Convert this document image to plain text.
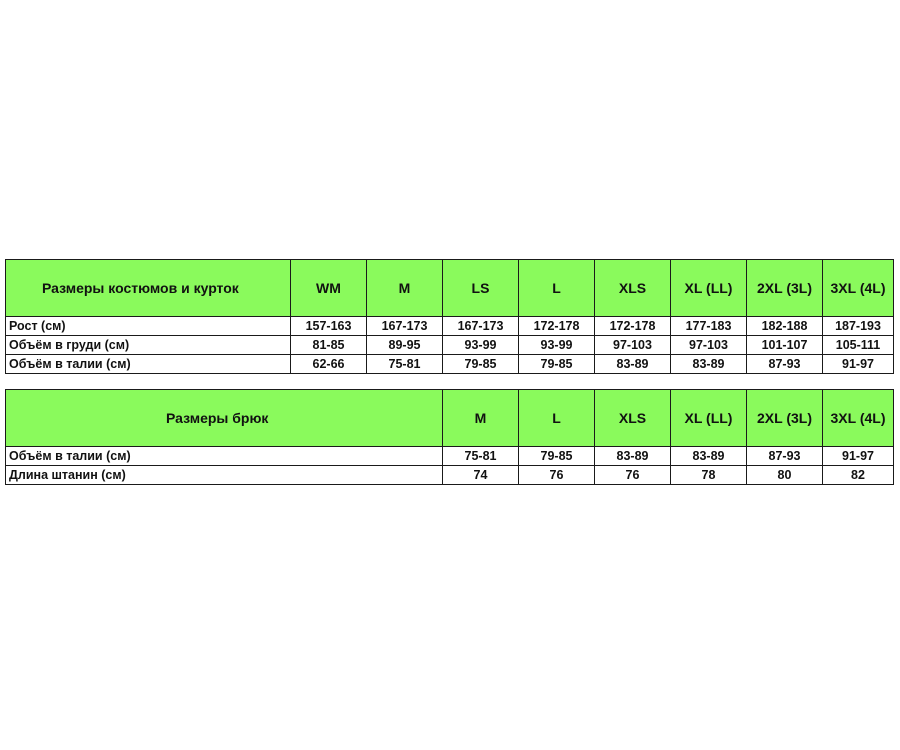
Размеры костюмов и курток	WM	M	LS	L	XLS	XL (LL)	2XL (3L)	3XL (4L)
Рост (см)	157-163	167-173	167-173	172-178	172-178	177-183	182-188	187-193
Объём в груди (см)	81-85	89-95	93-99	93-99	97-103	97-103	101-107	105-111
Объём в талии (см)	62-66	75-81	79-85	79-85	83-89	83-89	87-93	91-97
Размеры брюк	M	L	XLS	XL (LL)	2XL (3L)	3XL (4L)
Объём в талии (см)	75-81	79-85	83-89	83-89	87-93	91-97
Длина штанин (см)	74	76	76	78	80	82
